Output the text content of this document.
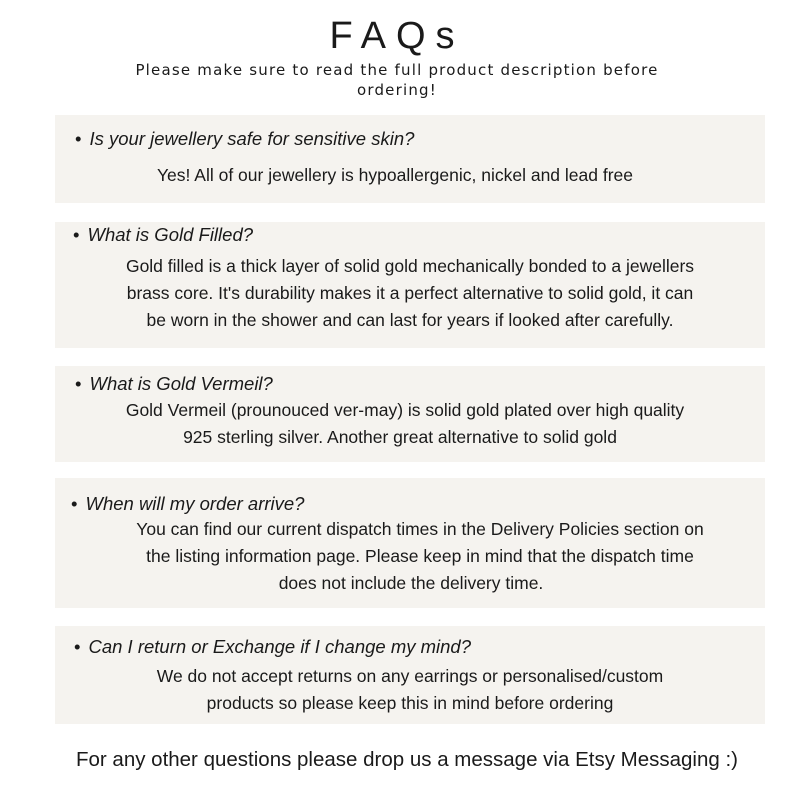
FAQs
Please make sure to read the full product description before ordering!
• Is your jewellery safe for sensitive skin?
Yes! All of our jewellery is hypoallergenic, nickel and lead free
• What is Gold Filled?
Gold filled is a thick layer of solid gold mechanically bonded to a jewellers
brass core. It's durability makes it a perfect alternative to solid gold, it can
be worn in the shower and can last for years if looked after carefully.
• What is Gold Vermeil?
Gold Vermeil (prounouced ver-may) is solid gold plated over high quality
925 sterling silver. Another great alternative to solid gold
• When will my order arrive?
You can find our current dispatch times in the Delivery Policies section on
the listing information page. Please keep in mind that the dispatch time
does not include the delivery time.
• Can I return or Exchange if I change my mind?
We do not accept returns on any earrings or personalised/custom
products so please keep this in mind before ordering
For any other questions please drop us a message via Etsy Messaging :)
